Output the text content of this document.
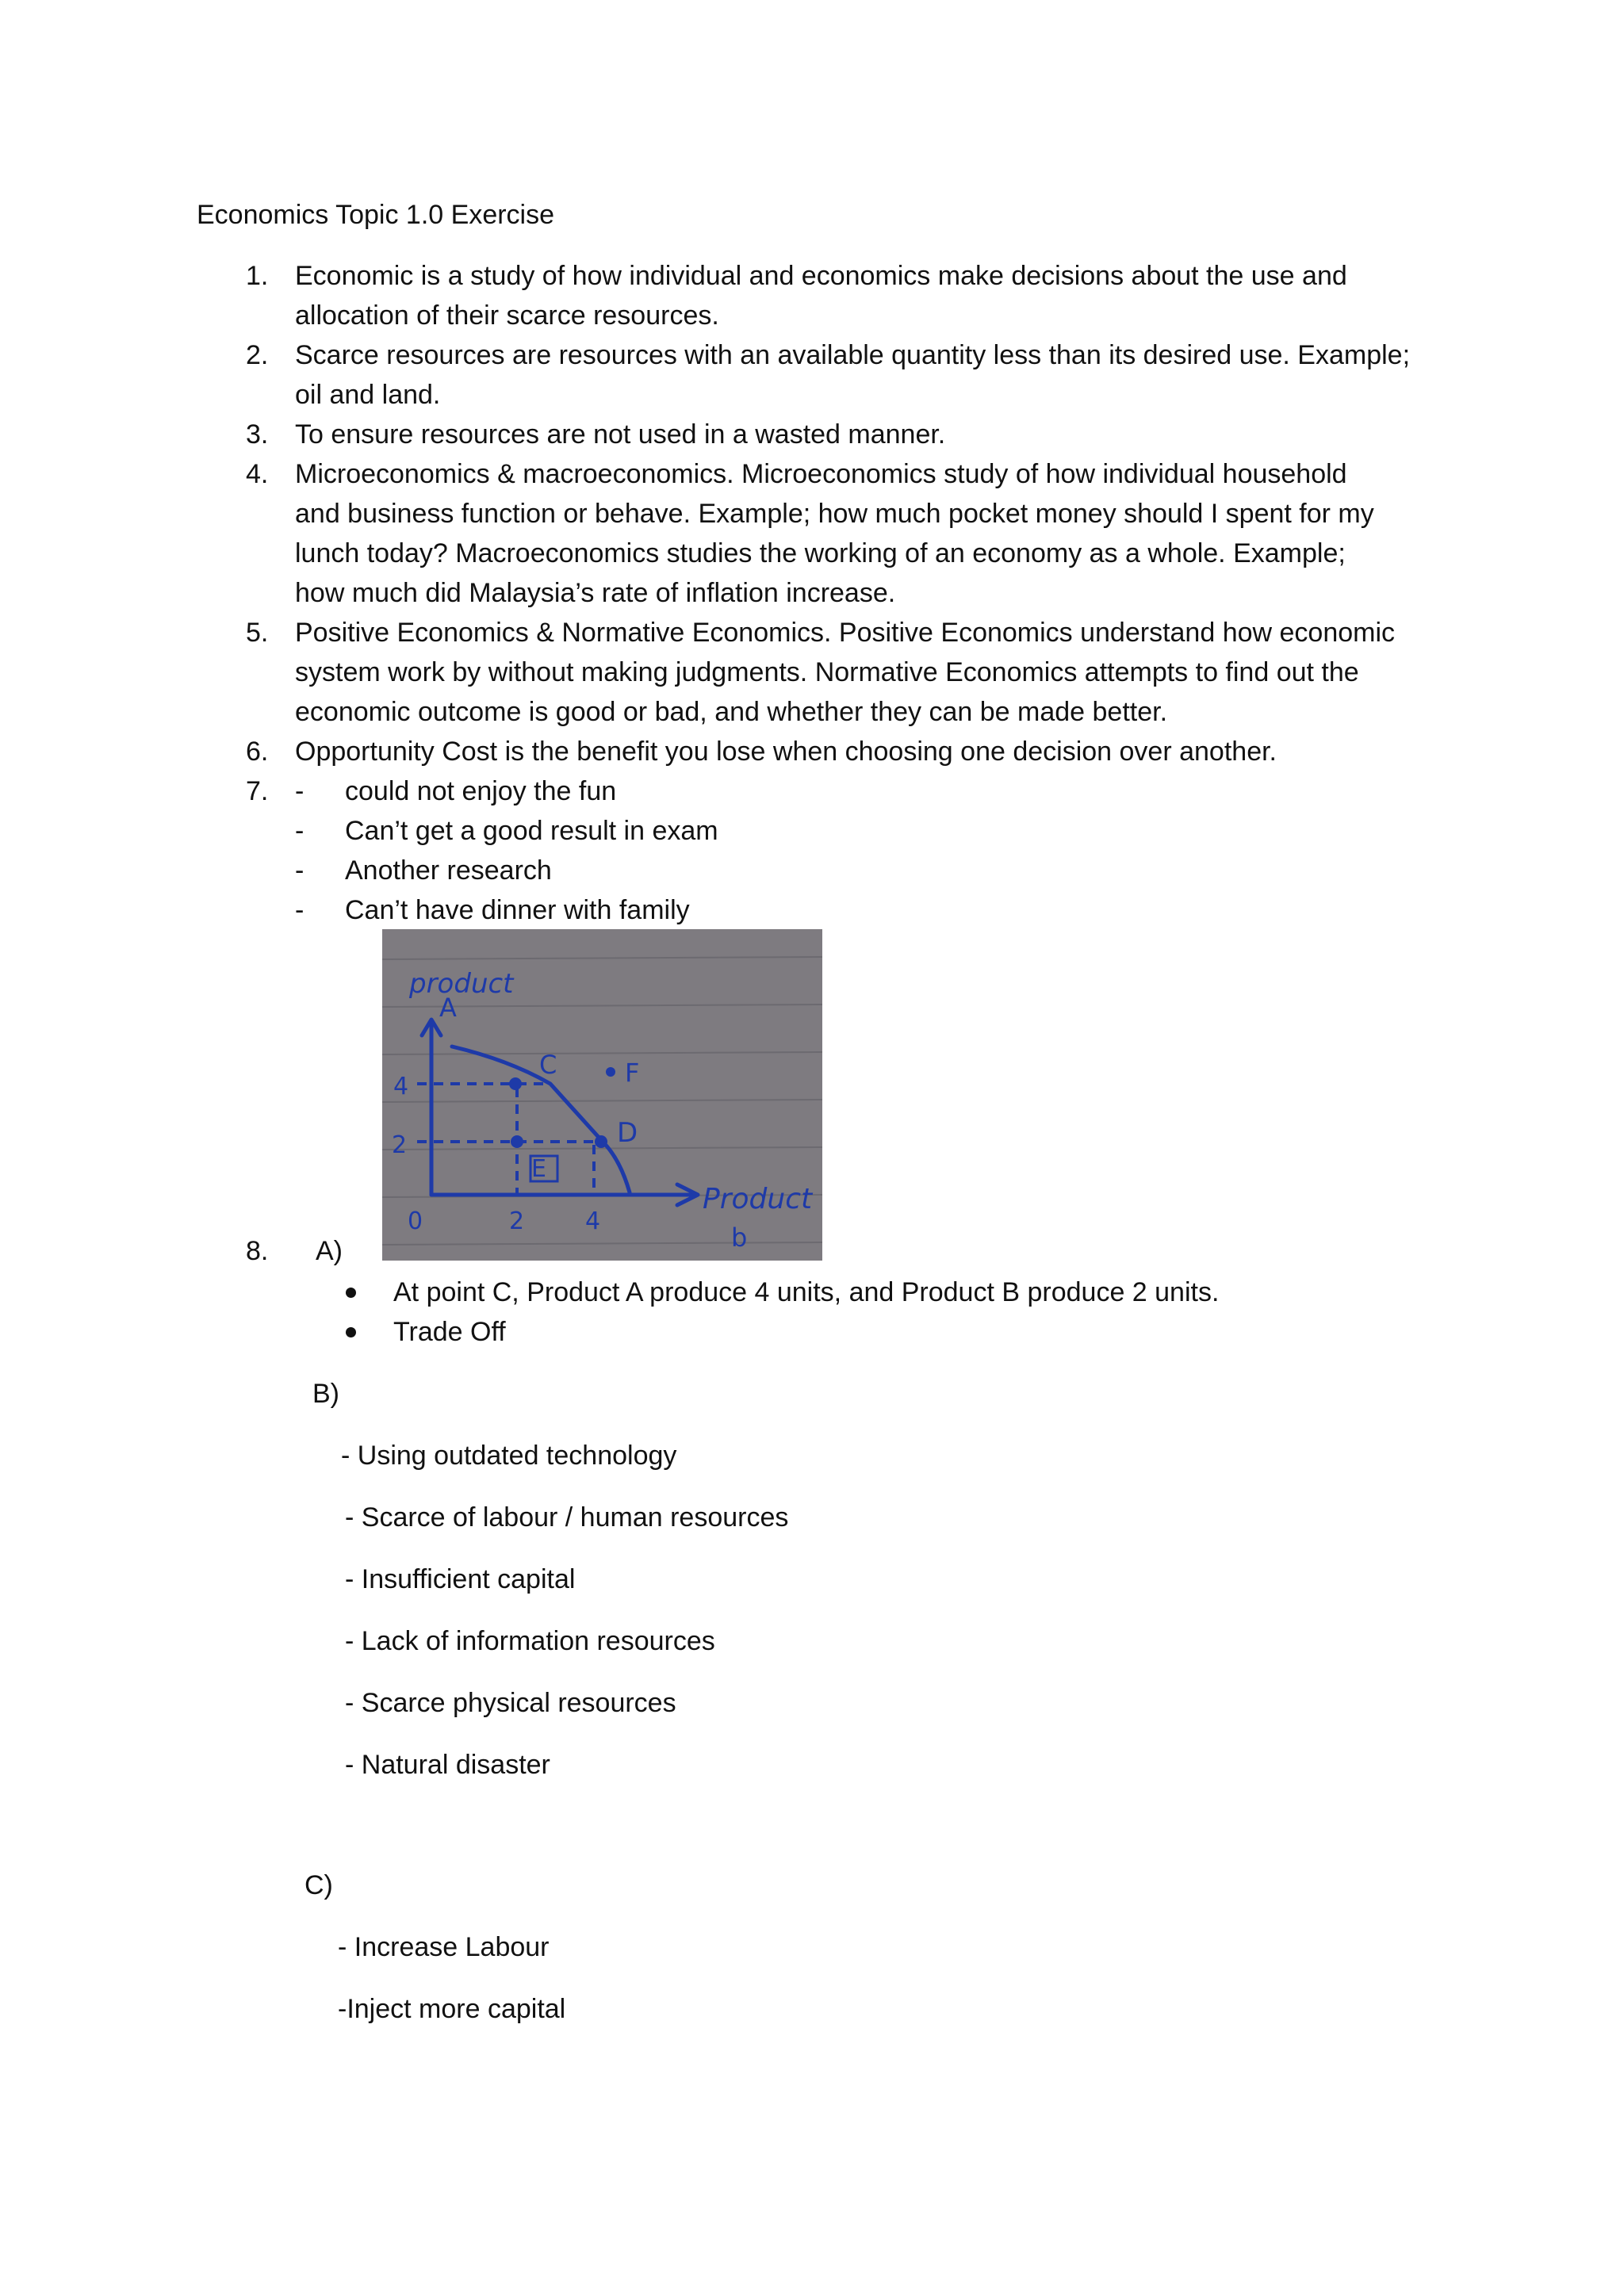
Economics Topic 1.0 Exercise
1. Economic is a study of how individual and economics make decisions about the use and
allocation of their scarce resources.
2. Scarce resources are resources with an available quantity less than its desired use. Example;
oil and land.
3. To ensure resources are not used in a wasted manner.
4. Microeconomics & macroeconomics. Microeconomics study of how individual household
and business function or behave. Example; how much pocket money should I spent for my
lunch today? Macroeconomics studies the working of an economy as a whole. Example;
how much did Malaysia’s rate of inflation increase.
5. Positive Economics & Normative Economics. Positive Economics understand how economic
system work by without making judgments. Normative Economics attempts to find out the
economic outcome is good or bad, and whether they can be made better.
6. Opportunity Cost is the benefit you lose when choosing one decision over another.
7. - could not enjoy the fun
- Can’t get a good result in exam
- Another research
- Can’t have dinner with family
product
A
4
2
0	2	4
C	F
D
E
Product
b
8. A)
At point C, Product A produce 4 units, and Product B produce 2 units.
Trade Off
B)
- Using outdated technology
- Scarce of labour / human resources
- Insufficient capital
- Lack of information resources
- Scarce physical resources
- Natural disaster
C)
- Increase Labour
-Inject more capital
